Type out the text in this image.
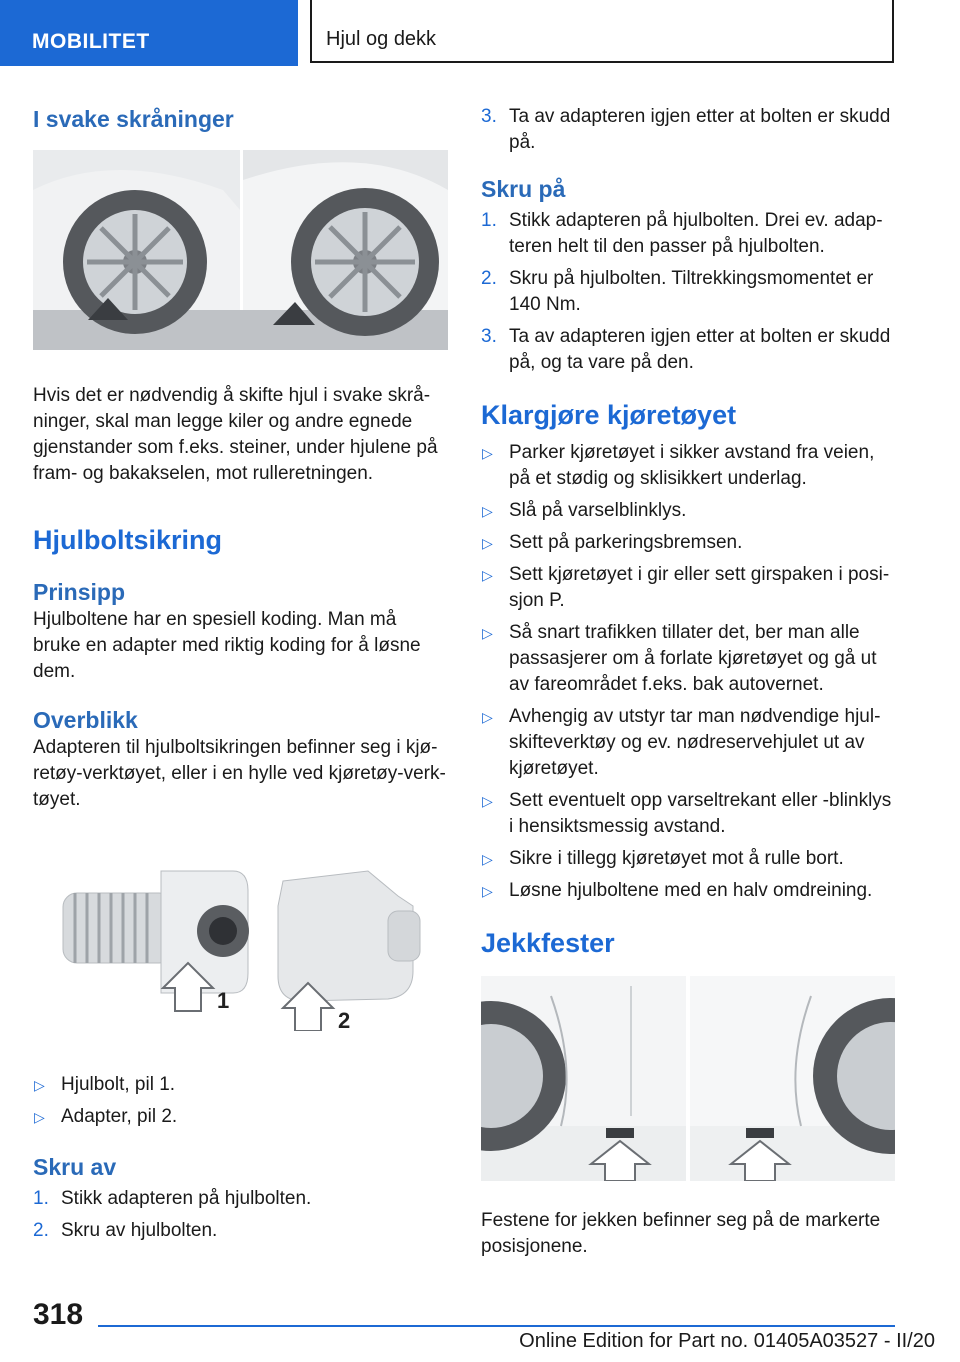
MOBILITET	Hjul og dekk
I svake skråninger

Hvis det er nødvendig å skifte hjul i svake skråninger, skal man legge kiler og andre egnede gjenstander som f.eks. steiner, under hjulene på fram- og bakakselen, mot rulleretningen.

Hjulboltsikring
Prinsipp

Hjulboltene har en spesiell koding. Man må bruke en adapter med riktig koding for å løsne dem.

Overblikk

Adapteren til hjulboltsikringen befinner seg i kjøretøy-verktøyet, eller i en hylle ved kjøretøy-verktøyet.

1
2
▷ Hjulbolt, pil 1.
▷ Adapter, pil 2.
Skru av
1. Stikk adapteren på hjulbolten.
2. Skru av hjulbolten.
3. Ta av adapteren igjen etter at bolten er skudd på.
Skru på
1. Stikk adapteren på hjulbolten. Drei ev. adapteren helt til den passer på hjulbolten.
2. Skru på hjulbolten. Tiltrekkingsmomentet er 140 Nm.
3. Ta av adapteren igjen etter at bolten er skudd på, og ta vare på den.
Klargjøre kjøretøyet
▷ Parker kjøretøyet i sikker avstand fra veien, på et stødig og sklisikkert underlag.
▷ Slå på varselblinklys.
▷ Sett på parkeringsbremsen.
▷ Sett kjøretøyet i gir eller sett girspaken i posisjon P.
▷ Så snart trafikken tillater det, ber man alle passasjerer om å forlate kjøretøyet og gå ut av fareområdet f.eks. bak autovernet.
▷ Avhengig av utstyr tar man nødvendige hjulskifteverktøy og ev. nødreservehjulet ut av kjøretøyet.
▷ Sett eventuelt opp varseltrekant eller -blinklys i hensiktsmessig avstand.
▷ Sikre i tillegg kjøretøyet mot å rulle bort.
▷ Løsne hjulboltene med en halv omdreining.
Jekkfester

Festene for jekken befinner seg på de markerte posisjonene.

318
Online Edition for Part no. 01405A03527 - II/20
